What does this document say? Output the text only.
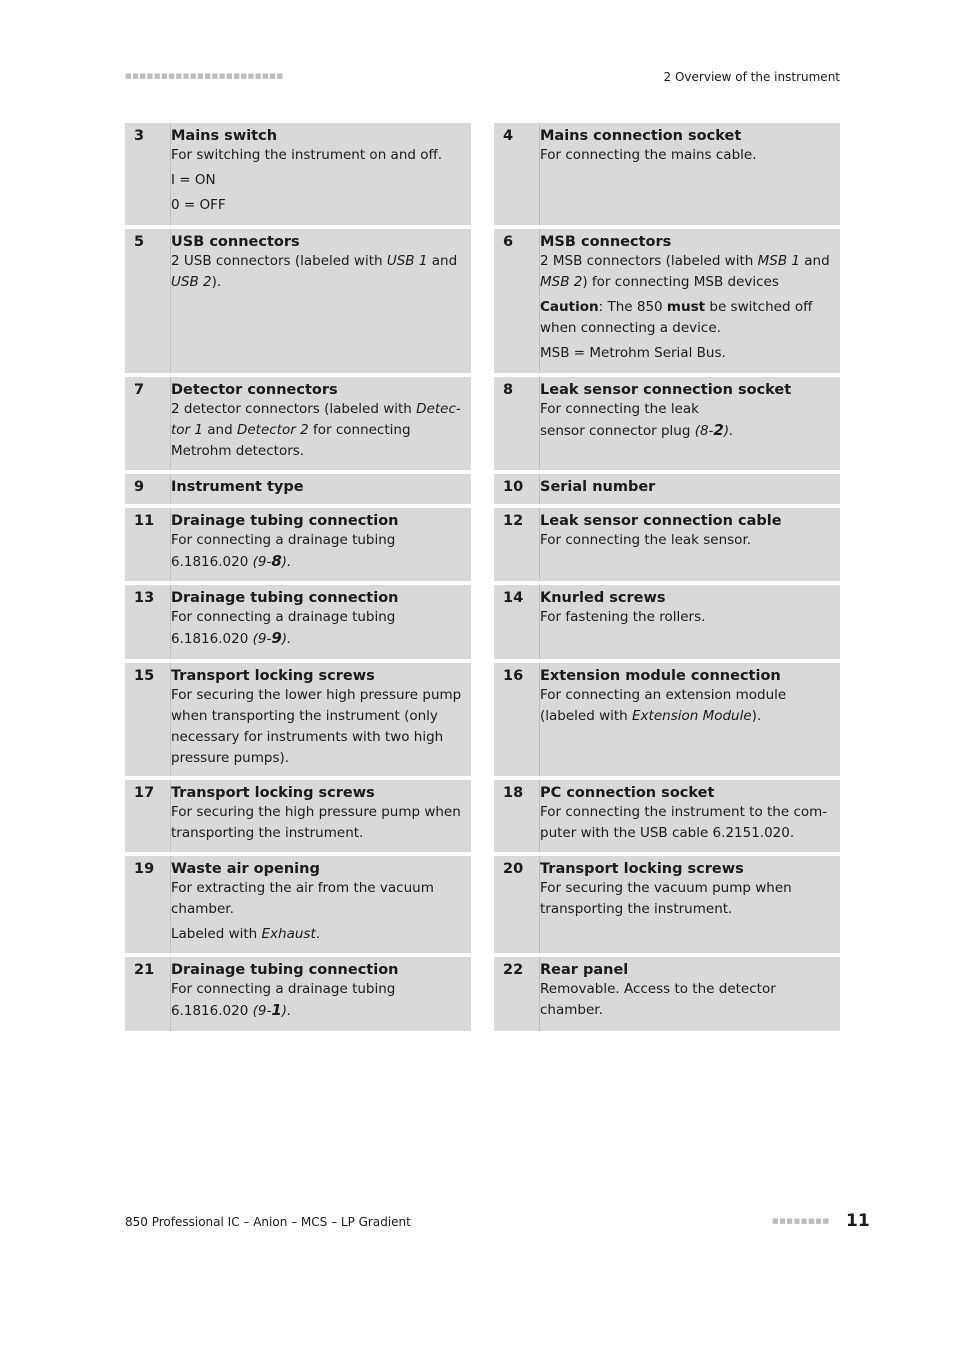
■■■■■■■■■■■■■■■■■■■■■■	2 Overview of the instrument
3	Mains switch

For switching the instrument on and off.

I = ON

0 = OFF

4	Mains connection socket

For connecting the mains cable.

5	USB connectors

2 USB connectors (labeled with USB 1 and USB 2).

6	MSB connectors

2 MSB connectors (labeled with MSB 1 and MSB 2) for connecting MSB devices

Caution: The 850 must be switched off when connecting a device.

MSB = Metrohm Serial Bus.

7	Detector connectors

2 detector connectors (labeled with Detector 1 and Detector 2 for connecting Metrohm detectors.

8	Leak sensor connection socket

For connecting the leak sensor connector plug (8-2).

9	Instrument type	10	Serial number
11	Drainage tubing connection

For connecting a drainage tubing 6.1816.020 (9-8).

12	Leak sensor connection cable

For connecting the leak sensor.

13	Drainage tubing connection

For connecting a drainage tubing 6.1816.020 (9-9).

14	Knurled screws

For fastening the rollers.

15	Transport locking screws

For securing the lower high pressure pump when transporting the instrument (only necessary for instruments with two high pressure pumps).

16	Extension module connection

For connecting an extension module (labeled with Extension Module).

17	Transport locking screws

For securing the high pressure pump when transporting the instrument.

18	PC connection socket

For connecting the instrument to the computer with the USB cable 6.2151.020.

19	Waste air opening

For extracting the air from the vacuum chamber.

Labeled with Exhaust.

20	Transport locking screws

For securing the vacuum pump when transporting the instrument.

21	Drainage tubing connection

For connecting a drainage tubing 6.1816.020 (9-1).

22	Rear panel

Removable. Access to the detector chamber.

850 Professional IC – Anion – MCS – LP Gradient	■■■■■■■■ 11
